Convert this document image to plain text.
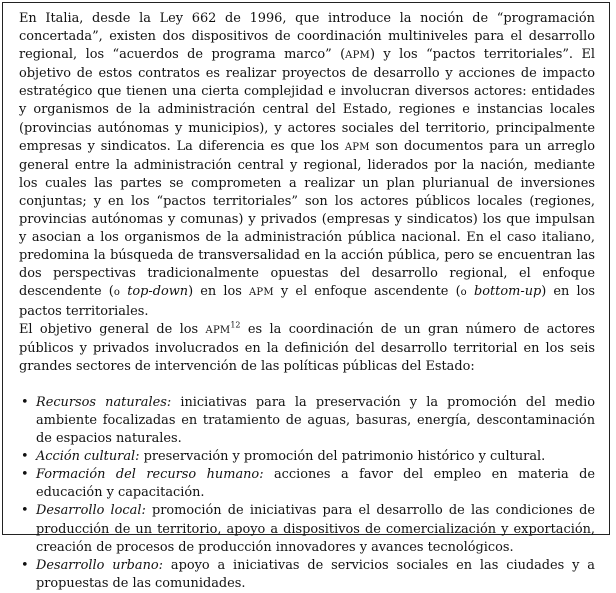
En Italia, desde la Ley 662 de 1996, que introduce la noción de “programación concertada”, existen dos dispositivos de coordinación multiniveles para el desarrollo regional, los “acuerdos de programa marco” (APM) y los “pactos territoriales”. El objetivo de estos contratos es realizar proyectos de desarrollo y acciones de impacto estratégico que tienen una cierta complejidad e involucran diversos actores: entidades y organismos de la administración central del Estado, regiones e instancias locales (provincias autónomas y municipios), y actores sociales del territorio, principalmente empresas y sindicatos. La diferencia es que los APM son documentos para un arreglo general entre la administración central y regional, liderados por la nación, mediante los cuales las partes se comprometen a realizar un plan plurianual de inversiones conjuntas; y en los “pactos territoriales” son los actores públicos locales (regiones, provincias autónomas y comunas) y privados (empresas y sindicatos) los que impulsan y asocian a los organismos de la administración pública nacional. En el caso italiano, predomina la búsqueda de transversalidad en la acción pública, pero se encuentran las dos perspectivas tradicionalmente opuestas del desarrollo regional, el enfoque descendente (o top-down) en los APM y el enfoque ascendente (o bottom-up) en los pactos territoriales.

El objetivo general de los APM$^{12}$ es la coordinación de un gran número de actores públicos y privados involucrados en la definición del desarrollo territorial en los seis grandes sectores de intervención de las políticas públicas del Estado:

• Recursos naturales: iniciativas para la preservación y la promoción del medio ambiente focalizadas en tratamiento de aguas, basuras, energía, descontaminación de espacios naturales.
• Acción cultural: preservación y promoción del patrimonio histórico y cultural.
• Formación del recurso humano: acciones a favor del empleo en materia de educación y capacitación.
• Desarrollo local: promoción de iniciativas para el desarrollo de las condiciones de producción de un territorio, apoyo a dispositivos de comercialización y exportación, creación de procesos de producción innovadores y avances tecnológicos.
• Desarrollo urbano: apoyo a iniciativas de servicios sociales en las ciudades y a propuestas de las comunidades.
